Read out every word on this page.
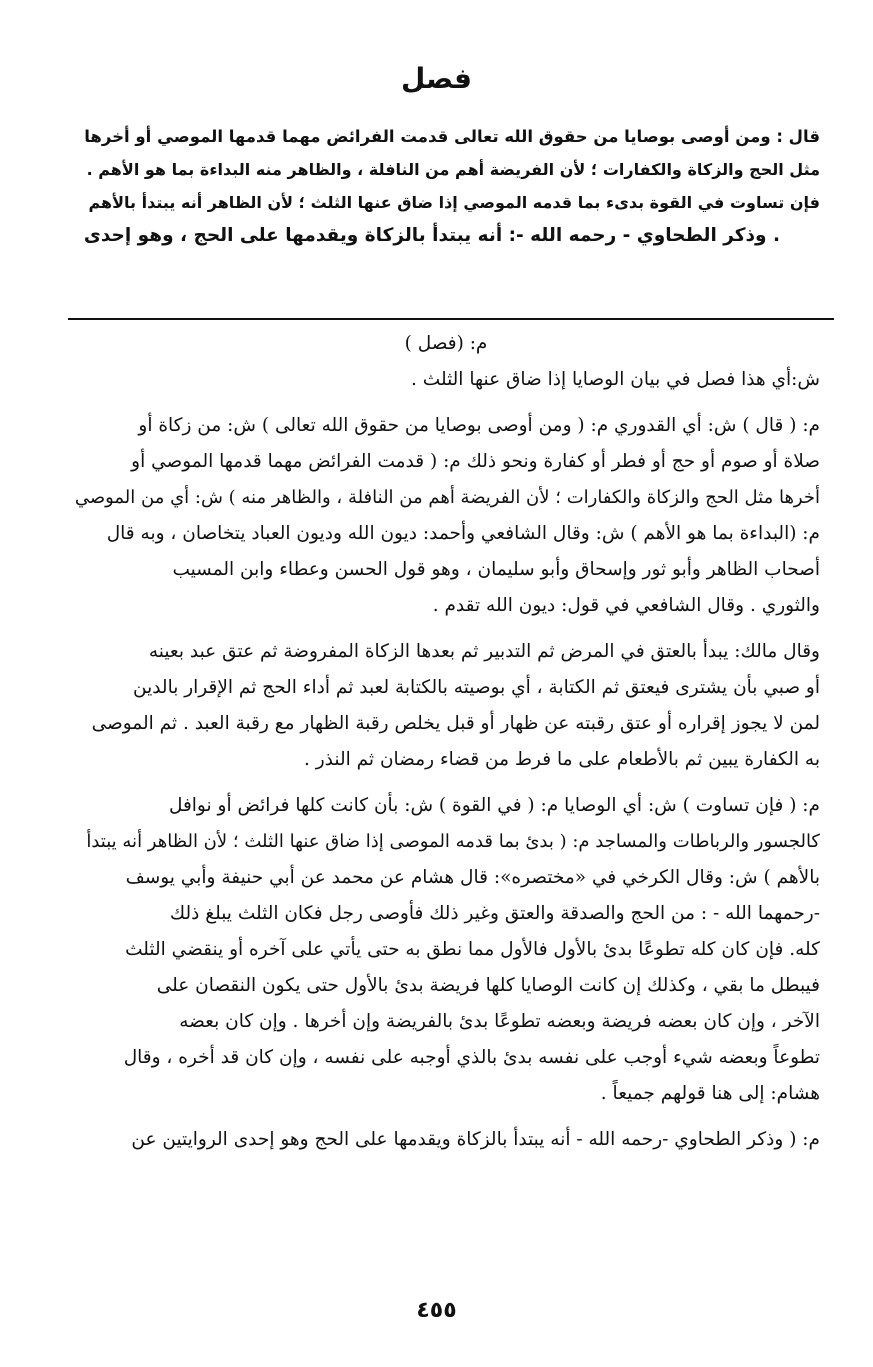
فصل
قال : ومن أوصى بوصايا من حقوق الله تعالى قدمت الفرائض مهما قدمها الموصي أو أخرها
مثل الحج والزكاة والكفارات ؛ لأن الفريضة أهم من النافلة ، والظاهر منه البداءة بما هو الأهم .
فإن تساوت في القوة بدىء بما قدمه الموصي إذا ضاق عنها الثلث ؛ لأن الظاهر أنه يبتدأ بالأهم
. وذكر الطحاوي - رحمه الله -: أنه يبتدأ بالزكاة ويقدمها على الحج ، وهو إحدى
م: (فصل )
ش:أي هذا فصل في بيان الوصايا إذا ضاق عنها الثلث .
م: ( قال ) ش: أي القدوري م: ( ومن أوصى بوصايا من حقوق الله تعالى ) ش: من زكاة أو
صلاة أو صوم أو حج أو فطر أو كفارة ونحو ذلك م: ( قدمت الفرائض مهما قدمها الموصي أو
أخرها مثل الحج والزكاة والكفارات ؛ لأن الفريضة أهم من النافلة ، والظاهر منه ) ش: أي من الموصي
م: (البداءة بما هو الأهم ) ش: وقال الشافعي وأحمد: ديون الله وديون العباد يتخاصان ، وبه قال
أصحاب الظاهر وأبو ثور وإسحاق وأبو سليمان ، وهو قول الحسن وعطاء وابن المسيب
والثوري . وقال الشافعي في قول: ديون الله تقدم .
وقال مالك: يبدأ بالعتق في المرض ثم التدبير ثم بعدها الزكاة المفروضة ثم عتق عبد بعينه
أو صبي بأن يشترى فيعتق ثم الكتابة ، أي بوصيته بالكتابة لعبد ثم أداء الحج ثم الإقرار بالدين
لمن لا يجوز إقراره أو عتق رقبته عن ظهار أو قبل يخلص رقبة الظهار مع رقبة العبد . ثم الموصى
به الكفارة يبين ثم بالأطعام على ما فرط من قضاء رمضان ثم النذر .
م: ( فإن تساوت ) ش: أي الوصايا م: ( في القوة ) ش: بأن كانت كلها فرائض أو نوافل
كالجسور والرباطات والمساجد م: ( بدئ بما قدمه الموصى إذا ضاق عنها الثلث ؛ لأن الظاهر أنه يبتدأ
بالأهم ) ش: وقال الكرخي في «مختصره»: قال هشام عن محمد عن أبي حنيفة وأبي يوسف
-رحمهما الله - : من الحج والصدقة والعتق وغير ذلك فأوصى رجل فكان الثلث يبلغ ذلك
كله. فإن كان كله تطوعًا بدئ بالأول فالأول مما نطق به حتى يأتي على آخره أو ينقضي الثلث
فيبطل ما بقي ، وكذلك إن كانت الوصايا كلها فريضة بدئ بالأول حتى يكون النقصان على
الآخر ، وإن كان بعضه فريضة وبعضه تطوعًا بدئ بالفريضة وإن أخرها . وإن كان بعضه
تطوعاً وبعضه شيء أوجب على نفسه بدئ بالذي أوجبه على نفسه ، وإن كان قد أخره ، وقال
هشام: إلى هنا قولهم جميعاً .
م: ( وذكر الطحاوي -رحمه الله - أنه يبتدأ بالزكاة ويقدمها على الحج وهو إحدى الروايتين عن
٤٥٥
